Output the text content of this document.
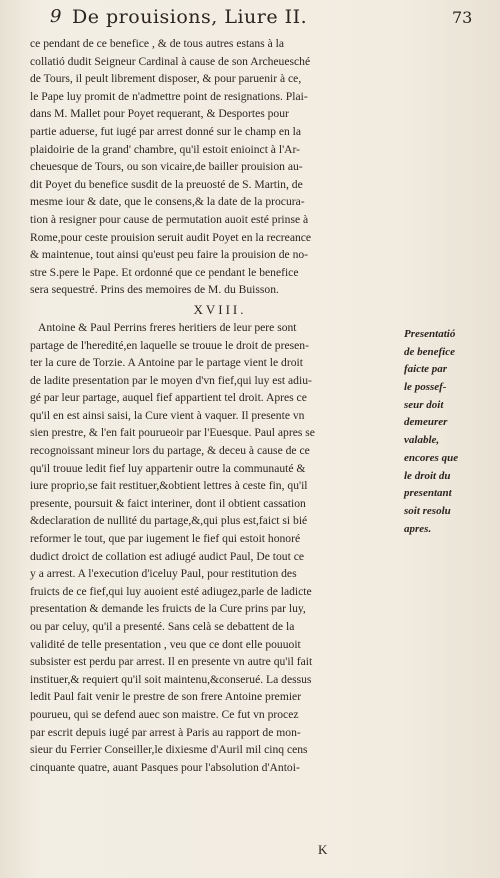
9 De prouisions, Liure II.	73
ce pendant de ce benefice , & de tous autres estans à la
collatió dudit Seigneur Cardinal à cause de son Archeuesché
de Tours, il peult librement disposer, & pour paruenir à ce,
le Pape luy promit de n'admettre point de resignations. Plai-
dans M. Mallet pour Poyet requerant, & Desportes pour
partie aduerse, fut iugé par arrest donné sur le champ en la
plaidoirie de la grand' chambre, qu'il estoit enioinct à l'Ar-
cheuesque de Tours, ou son vicaire,de bailler prouision au-
dit Poyet du benefice susdit de la preuosté de S. Martin, de
mesme iour & date, que le consens,& la date de la procura-
tion à resigner pour cause de permutation auoit esté prinse à
Rome,pour ceste prouision seruit audit Poyet en la recreance
& maintenue, tout ainsi qu'eust peu faire la prouision de no-
stre S.pere le Pape. Et ordonné que ce pendant le benefice
sera sequestré. Prins des memoires de M. du Buisson.
XVIII.
Antoine & Paul Perrins freres heritiers de leur pere sont
partage de l'heredité,en laquelle se trouue le droit de presen-
ter la cure de Torzie. A Antoine par le partage vient le droit
de ladite presentation par le moyen d'vn fief,qui luy est adiu-
gé par leur partage, auquel fief appartient tel droit. Apres ce
qu'il en est ainsi saisi, la Cure vient à vaquer. Il presente vn
sien prestre, & l'en fait pourueoir par l'Euesque. Paul apres se
recognoissant mineur lors du partage, & deceu à cause de ce
qu'il trouue ledit fief luy appartenir outre la communauté &
iure proprio,se fait restituer,&obtient lettres à ceste fin, qu'il
presente, poursuit & faict interiner, dont il obtient cassation
&declaration de nullité du partage,&,qui plus est,faict si bié
reformer le tout, que par iugement le fief qui estoit honoré
dudict droict de collation est adiugé audict Paul, De tout ce
y a arrest. A l'execution d'iceluy Paul, pour restitution des
fruicts de ce fief,qui luy auoient esté adiugez,parle de ladicte
presentation & demande les fruicts de la Cure prins par luy,
ou par celuy, qu'il a presenté. Sans celà se debattent de la
validité de telle presentation , veu que ce dont elle pouuoit
subsister est perdu par arrest. Il en presente vn autre qu'il fait
instituer,& requiert qu'il soit maintenu,&conserué. La dessus
ledit Paul fait venir le prestre de son frere Antoine premier
pourueu, qui se defend auec son maistre. Ce fut vn procez
par escrit depuis iugé par arrest à Paris au rapport de mon-
sieur du Ferrier Conseiller,le dixiesme d'Auril mil cinq cens
cinquante quatre, auant Pasques pour l'absolution d'Antoi-
Presentatió
de benefice
faicte par
le possef-
seur doit
demeurer
valable,
encores que
le droit du
presentant
soit resolu
apres.
K
